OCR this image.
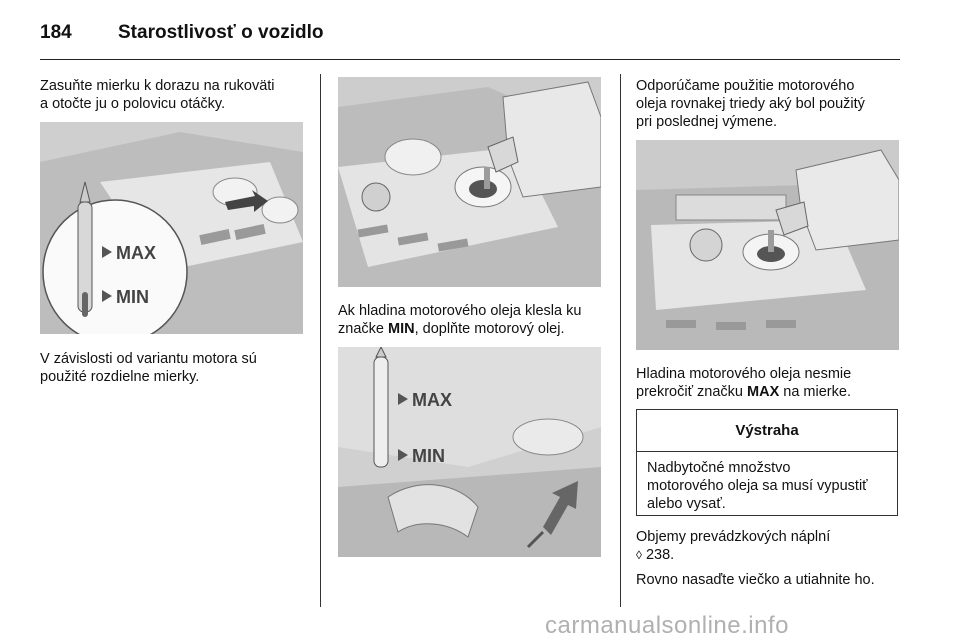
184	Starostlivosť o vozidlo

Zasuňte mierku k dorazu na rukoväti

a otočte ju o polovicu otáčky.

MAX
MIN

V závislosti od variantu motora sú

použité rozdielne mierky.

Ak hladina motorového oleja klesla ku

značke MIN, doplňte motorový olej.

MAX
MIN

Odporúčame použitie motorového

oleja rovnakej triedy aký bol použitý

pri poslednej výmene.

Hladina motorového oleja nesmie

prekročiť značku MAX na mierke.

Výstraha
Nadbytočné množstvo
motorového oleja sa musí vypustiť
alebo vysať.

Objemy prevádzkových náplní

◊ 238.

Rovno nasaďte viečko a utiahnite ho.

carmanualsonline.info
